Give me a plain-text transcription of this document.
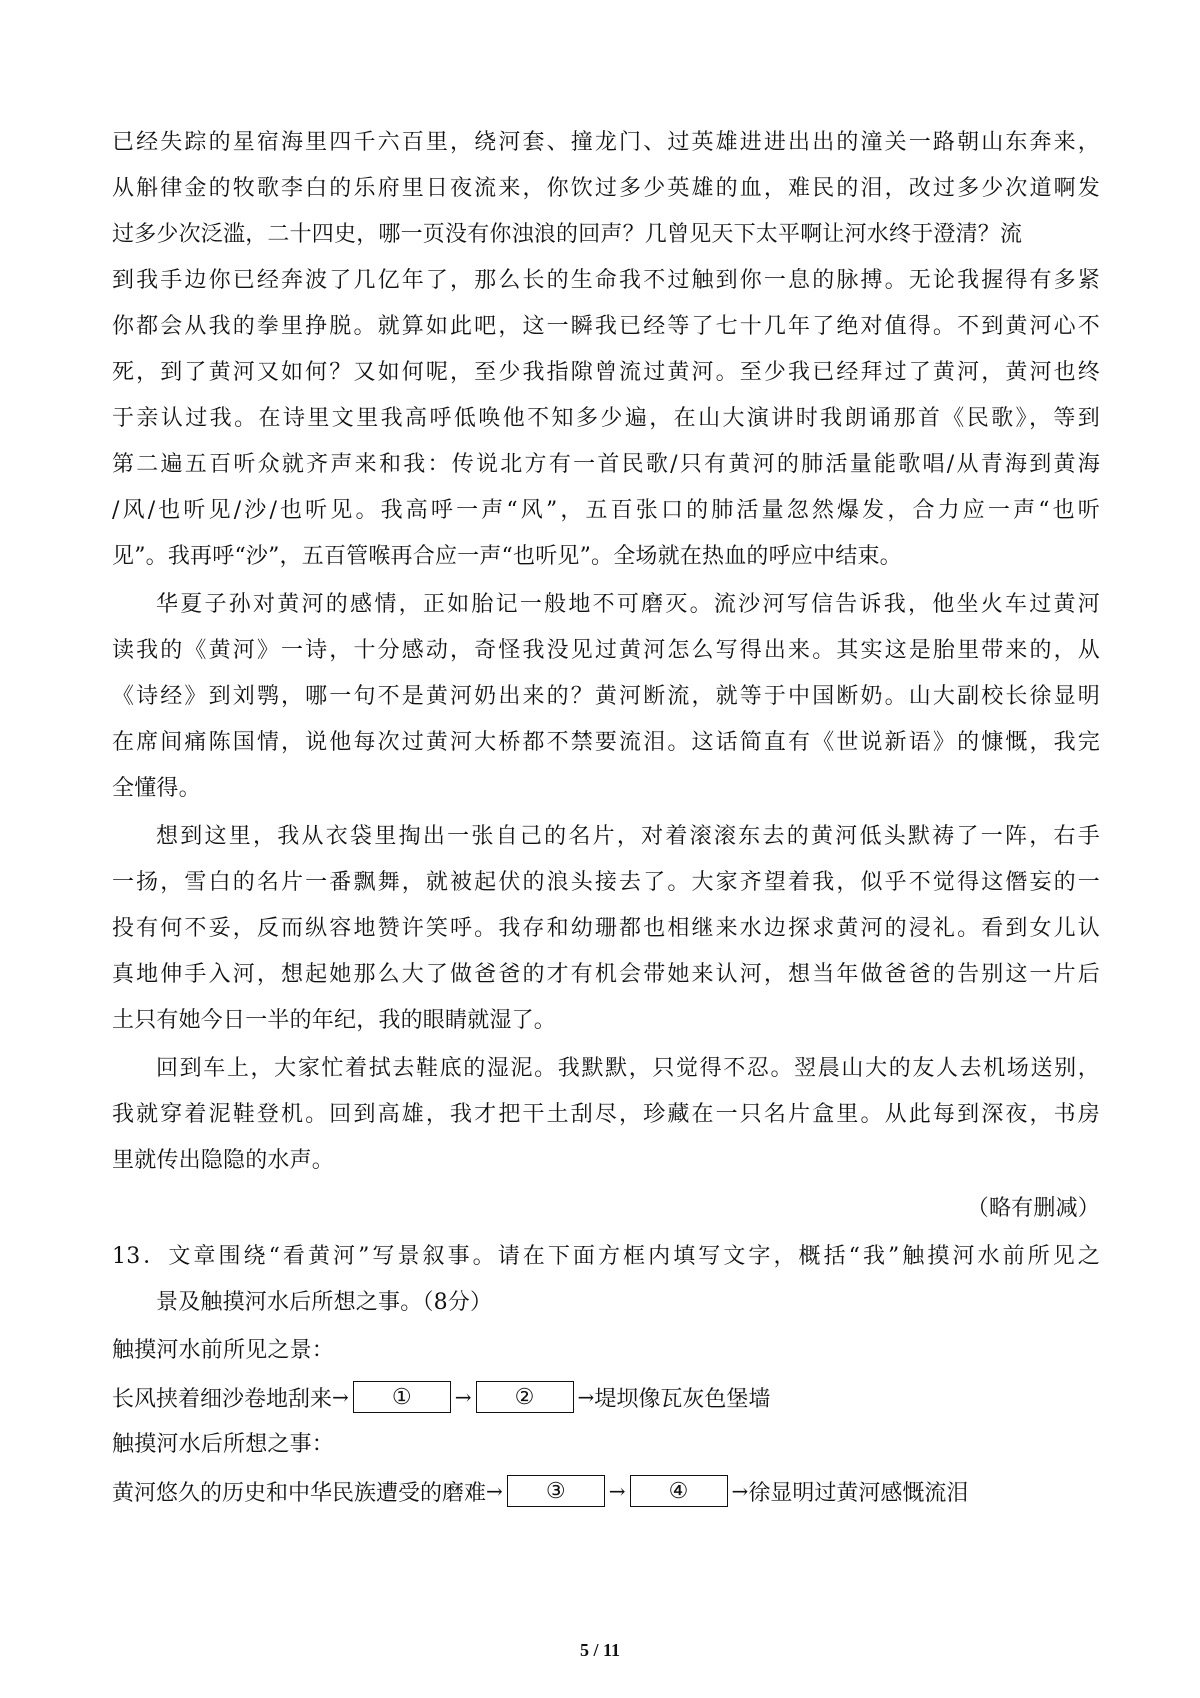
已经失踪的星宿海里四千六百里，绕河套、撞龙门、过英雄进进出出的潼关一路朝山东奔来，
从斛律金的牧歌李白的乐府里日夜流来，你饮过多少英雄的血，难民的泪，改过多少次道啊发
过多少次泛滥，二十四史，哪一页没有你浊浪的回声？几曾见天下太平啊让河水终于澄清？流
到我手边你已经奔波了几亿年了，那么长的生命我不过触到你一息的脉搏。无论我握得有多紧
你都会从我的拳里挣脱。就算如此吧，这一瞬我已经等了七十几年了绝对值得。不到黄河心不
死，到了黄河又如何？又如何呢，至少我指隙曾流过黄河。至少我已经拜过了黄河，黄河也终
于亲认过我。在诗里文里我高呼低唤他不知多少遍，在山大演讲时我朗诵那首《民歌》，等到
第二遍五百听众就齐声来和我：传说北方有一首民歌/只有黄河的肺活量能歌唱/从青海到黄海
/风/也听见/沙/也听见。我高呼一声“风”，五百张口的肺活量忽然爆发，合力应一声“也听
见”。我再呼“沙”，五百管喉再合应一声“也听见”。全场就在热血的呼应中结束。
华夏子孙对黄河的感情，正如胎记一般地不可磨灭。流沙河写信告诉我，他坐火车过黄河
读我的《黄河》一诗，十分感动，奇怪我没见过黄河怎么写得出来。其实这是胎里带来的，从
《诗经》到刘鹗，哪一句不是黄河奶出来的？黄河断流，就等于中国断奶。山大副校长徐显明
在席间痛陈国情，说他每次过黄河大桥都不禁要流泪。这话简直有《世说新语》的慷慨，我完
全懂得。
想到这里，我从衣袋里掏出一张自己的名片，对着滚滚东去的黄河低头默祷了一阵，右手
一扬，雪白的名片一番飘舞，就被起伏的浪头接去了。大家齐望着我，似乎不觉得这僭妄的一
投有何不妥，反而纵容地赞许笑呼。我存和幼珊都也相继来水边探求黄河的浸礼。看到女儿认
真地伸手入河，想起她那么大了做爸爸的才有机会带她来认河，想当年做爸爸的告别这一片后
土只有她今日一半的年纪，我的眼睛就湿了。
回到车上，大家忙着拭去鞋底的湿泥。我默默，只觉得不忍。翌晨山大的友人去机场送别，
我就穿着泥鞋登机。回到高雄，我才把干土刮尽，珍藏在一只名片盒里。从此每到深夜，书房
里就传出隐隐的水声。
（略有删减）
13．文章围绕“看黄河”写景叙事。请在下面方框内填写文字，概括“我”触摸河水前所见之
景及触摸河水后所想之事。（8分）
触摸河水前所见之景：
长风挟着细沙卷地刮来 →	①	→	②	→ 堤坝像瓦灰色堡墙
触摸河水后所想之事：
黄河悠久的历史和中华民族遭受的磨难 →	③	→	④	→ 徐显明过黄河感慨流泪
5 / 11
